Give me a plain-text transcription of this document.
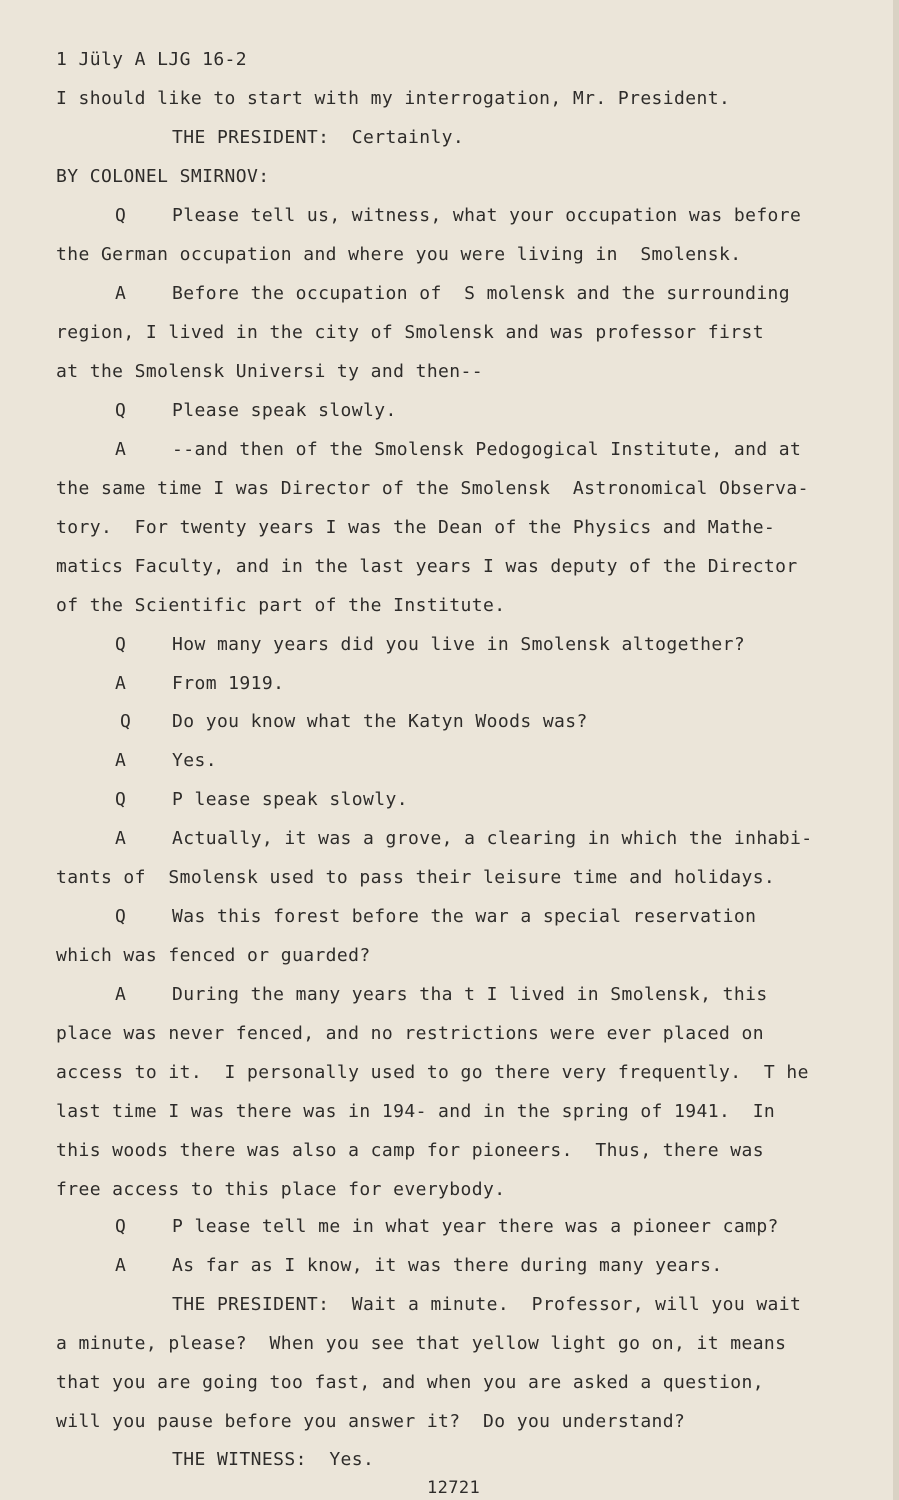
1 Jüly A LJG 16-2
I should like to start with my interrogation, Mr. President.
THE PRESIDENT:  Certainly.
BY COLONEL SMIRNOV:
Q	Please tell us, witness, what your occupation was before
the German occupation and where you were living in  Smolensk.
A	Before the occupation of  S molensk and the surrounding
region, I lived in the city of Smolensk and was professor first
at the Smolensk Universi ty and then--
Q	Please speak slowly.
A	--and then of the Smolensk Pedogogical Institute, and at
the same time I was Director of the Smolensk  Astronomical Observa-
tory.  For twenty years I was the Dean of the Physics and Mathe-
matics Faculty, and in the last years I was deputy of the Director
of the Scientific part of the Institute.
Q	How many years did you live in Smolensk altogether?
A	From 1919.
Q Do you know what the Katyn Woods was?
A	Yes.
Q	P lease speak slowly.
A	Actually, it was a grove, a clearing in which the inhabi-
tants of  Smolensk used to pass their leisure time and holidays.
Q	Was this forest before the war a special reservation
which was fenced or guarded?
A	During the many years tha t I lived in Smolensk, this
place was never fenced, and no restrictions were ever placed on
access to it.  I personally used to go there very frequently.  T he
last time I was there was in 194- and in the spring of 1941.  In
this woods there was also a camp for pioneers.  Thus, there was
free access to this place for everybody.
Q	P lease tell me in what year there was a pioneer camp?
A	As far as I know, it was there during many years.
THE PRESIDENT:  Wait a minute.  Professor, will you wait
a minute, please?  When you see that yellow light go on, it means
that you are going too fast, and when you are asked a question,
will you pause before you answer it?  Do you understand?
THE WITNESS:  Yes.
12721
